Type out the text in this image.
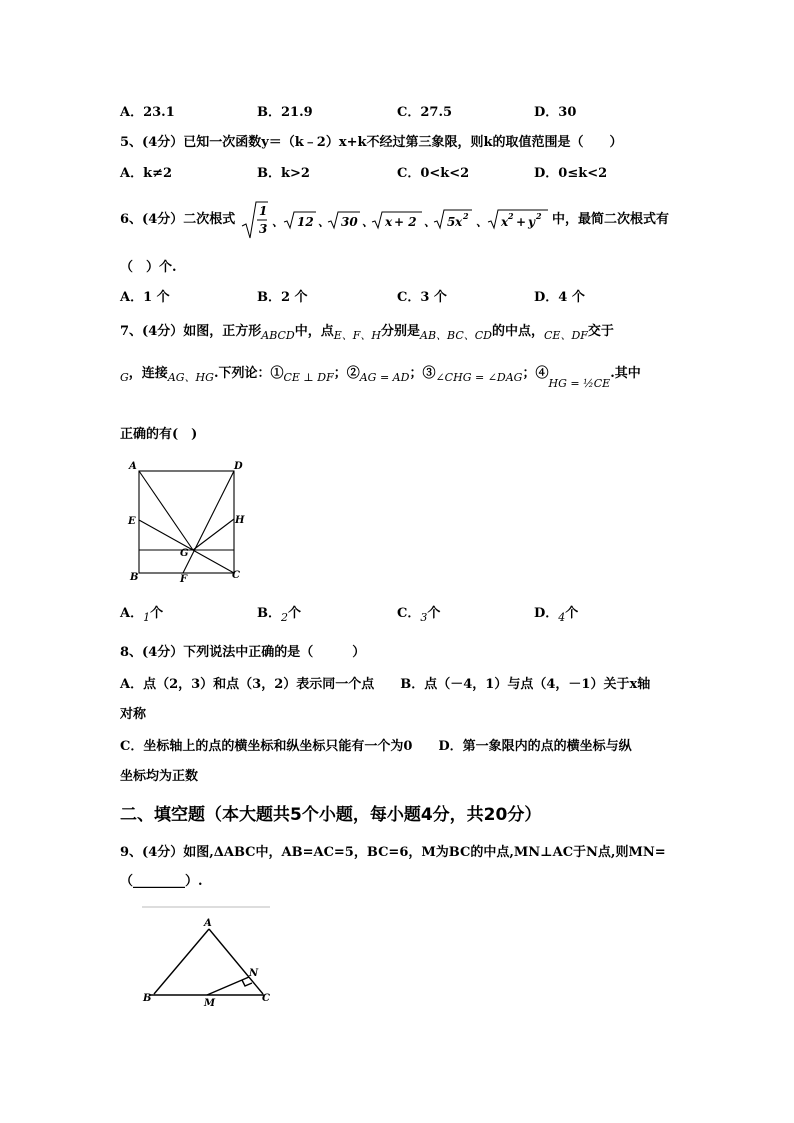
A．23.1	B．21.9	C．27.5	D．30
5、(4分）已知一次函数y＝（k﹣2）x+k不经过第三象限，则k的取值范围是（　　）
A．k≠2	B．k>2	C．0<k<2	D．0≤k<2
6、(4分）二次根式
1
3 、 12 、 30 、 x + 2 、 5 x 2 、 x 2 + y 2 中，最简二次根式有
（　）个.
A．1 个	B．2 个	C．3 个	D．4 个
7、(4分）如图，正方形$_{ABCD}$中，点$_{E、F、H}$分别是$_{AB、BC、CD}$的中点，$_{CE、DF}$交于
$_G$，连接$_{AG、HG}$.下列论：$①_{CE \perp DF}$；$②_{AG = AD}$；$③_{\angle CHG = \angle DAG}$；$④_{HG = \frac{1}{2}CE}$.其中
正确的有(　)
A	D
E	H
G
B	F	C
A．$_1$个	B．$_2$个	C．$_3$个	D．$_4$个
8、(4分）下列说法中正确的是（　　　）
A．点（2，3）和点（3，2）表示同一个点　　B．点（－4，1）与点（4，－1）关于x轴
对称
C．坐标轴上的点的横坐标和纵坐标只能有一个为0　　D．第一象限内的点的横坐标与纵
坐标均为正数
二、填空题（本大题共5个小题，每小题4分，共20分）
9、(4分）如图,ΔABC中，AB=AC=5，BC=6，M为BC的中点,MN⊥AC于N点,则MN=
（________）.
A
N
B	M	C
